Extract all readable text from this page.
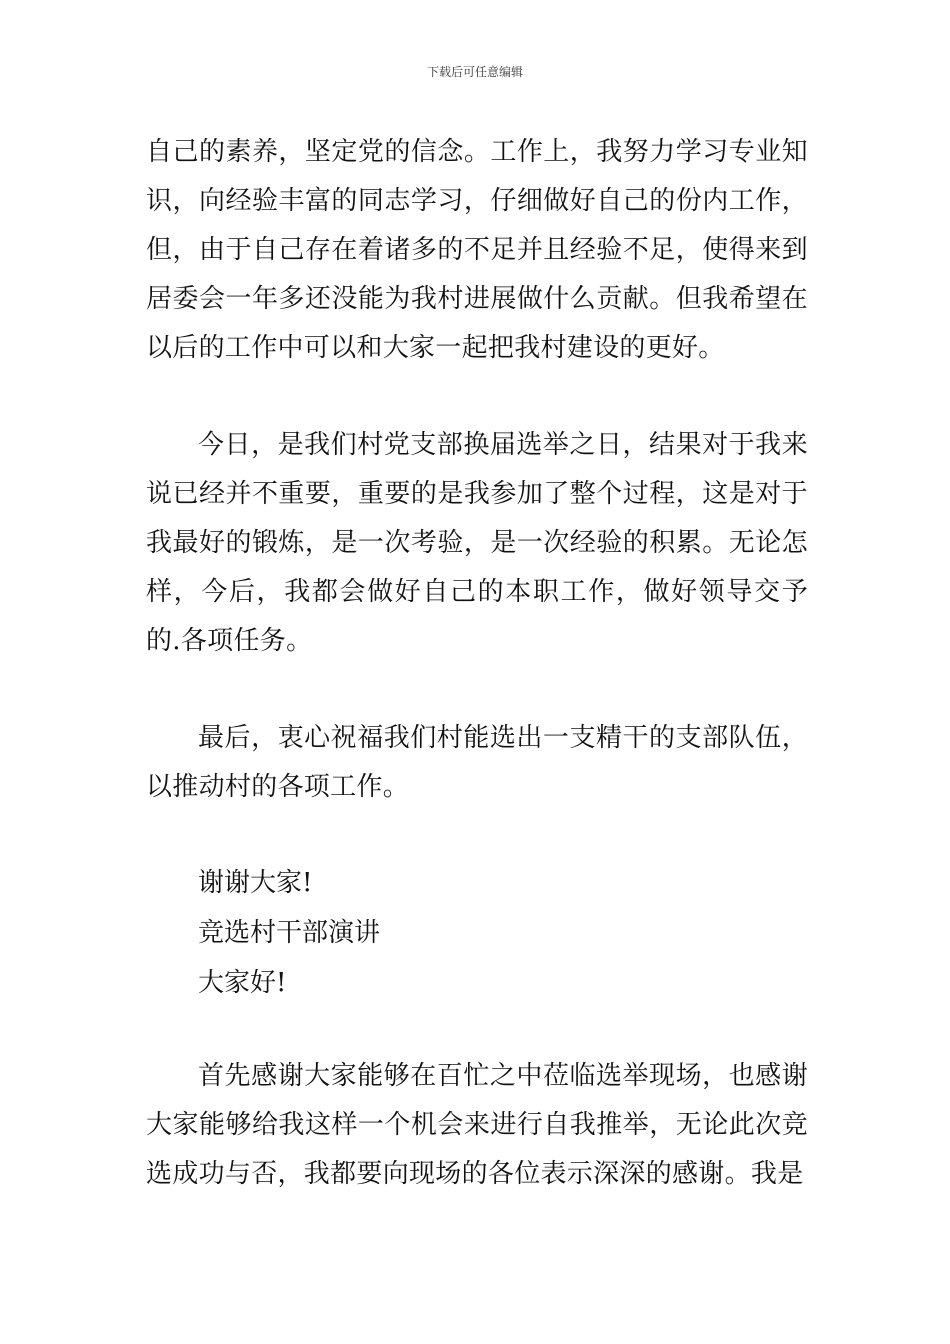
下载后可任意编辑

自己的素养，坚定党的信念。工作上，我努力学习专业知识，向经验丰富的同志学习，仔细做好自己的份内工作，但，由于自己存在着诸多的不足并且经验不足，使得来到居委会一年多还没能为我村进展做什么贡献。但我希望在以后的工作中可以和大家一起把我村建设的更好。

今日，是我们村党支部换届选举之日，结果对于我来说已经并不重要，重要的是我参加了整个过程，这是对于我最好的锻炼，是一次考验，是一次经验的积累。无论怎样，今后，我都会做好自己的本职工作，做好领导交予的.各项任务。

最后，衷心祝福我们村能选出一支精干的支部队伍，以推动村的各项工作。

谢谢大家!

竞选村干部演讲

大家好!

首先感谢大家能够在百忙之中莅临选举现场，也感谢大家能够给我这样一个机会来进行自我推举，无论此次竞选成功与否，我都要向现场的各位表示深深的感谢。我是
